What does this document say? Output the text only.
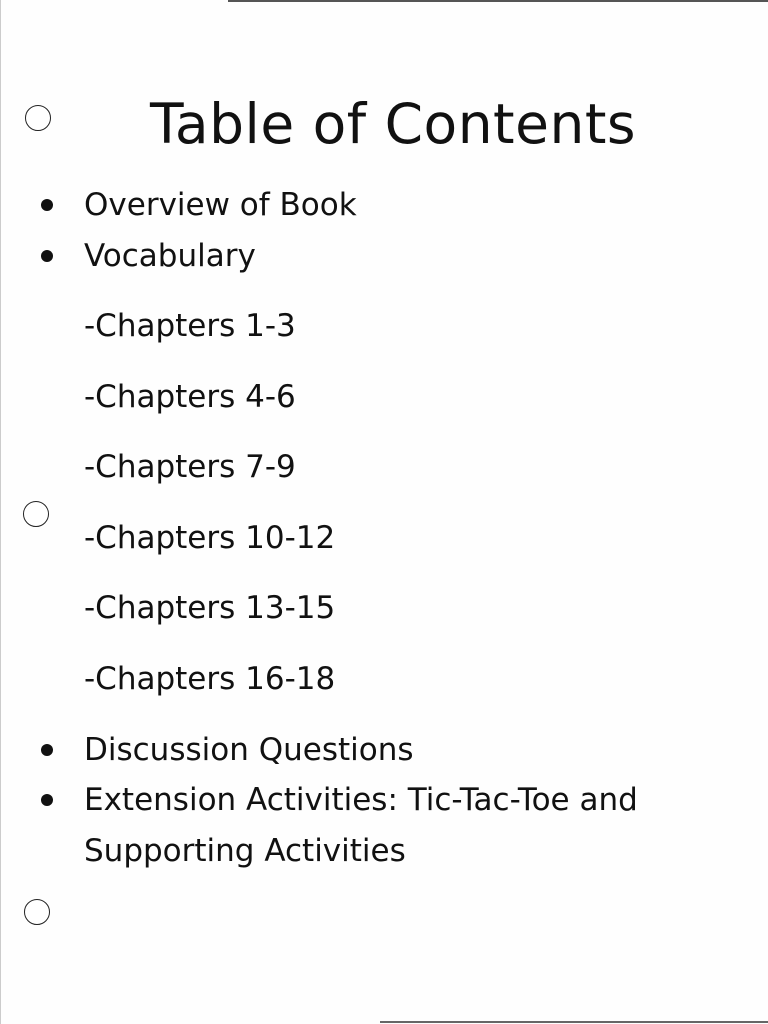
Table of Contents
Overview of Book
Vocabulary
-Chapters 1-3
-Chapters 4-6
-Chapters 7-9
-Chapters 10-12
-Chapters 13-15
-Chapters 16-18
Discussion Questions
Extension Activities: Tic-Tac-Toe and
Supporting Activities
